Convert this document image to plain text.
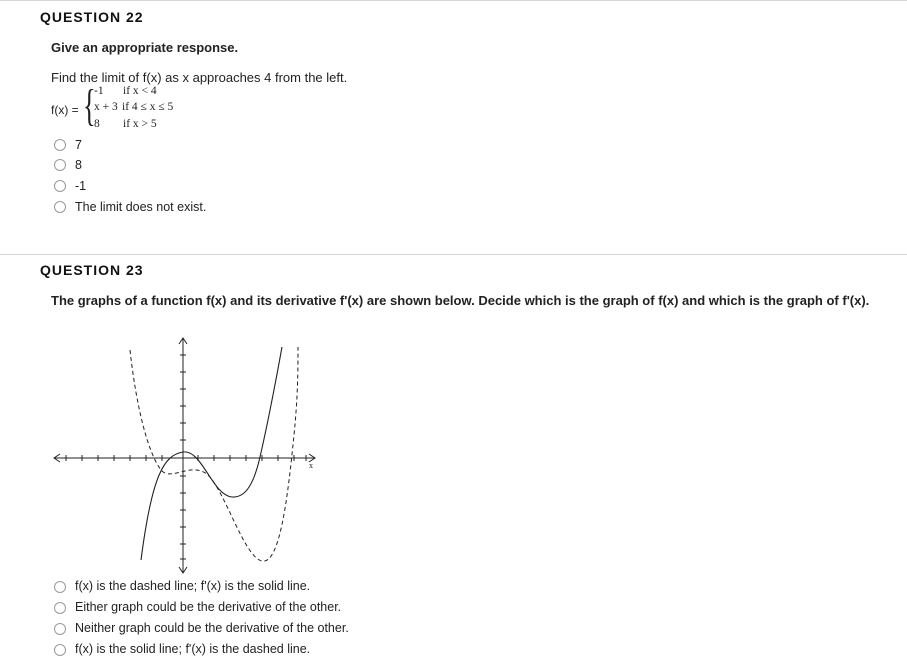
QUESTION 22
Give an appropriate response.
Find the limit of f(x) as x approaches 4 from the left.
f(x) = {
-1 if x < 4
x + 3 if 4 ≤ x ≤ 5
8 if x > 5
7
8
-1
The limit does not exist.
QUESTION 23
The graphs of a function f(x) and its derivative f'(x) are shown below. Decide which is the graph of f(x) and which is the graph of f'(x).
x
f(x) is the dashed line; f'(x) is the solid line.
Either graph could be the derivative of the other.
Neither graph could be the derivative of the other.
f(x) is the solid line; f'(x) is the dashed line.
